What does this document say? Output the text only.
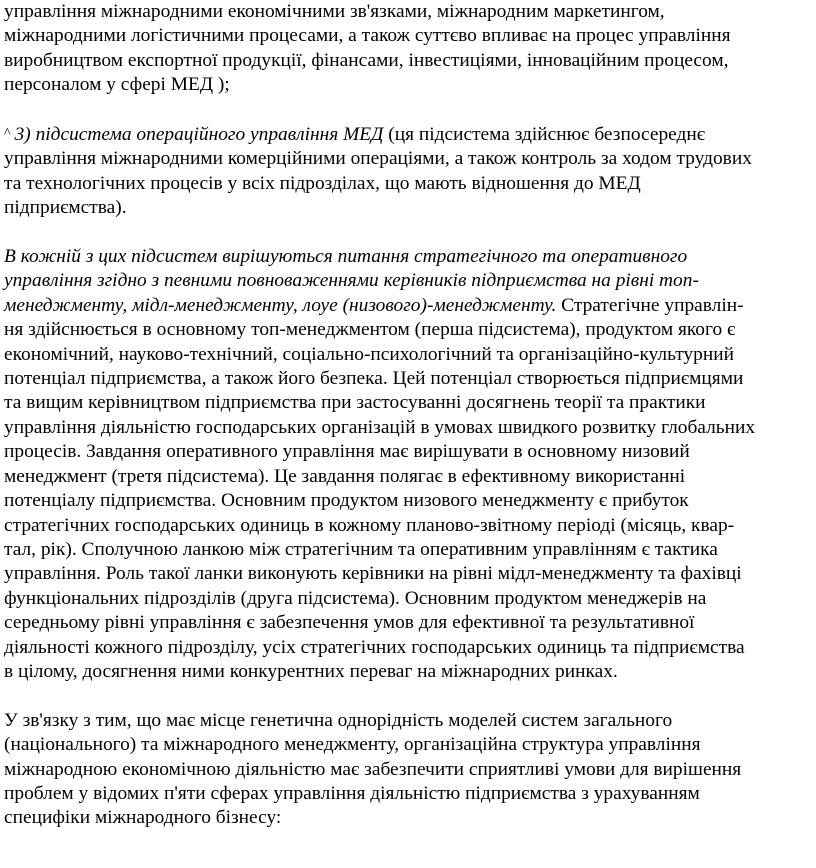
управління міжнародними економічними зв'язками, міжнародним маркетингом,
міжнародними логістичними процесами, а також суттєво впливає на процес управління
виробництвом експортної продукції, фінансами, інвестиціями, інноваційним процесом,
персоналом у сфері МЕД );
^ 3) підсистема операційного управління МЕД (ця підсистема здійснює безпосереднє
управління міжнародними комерційними операціями, а також контроль за ходом трудових
та технологічних процесів у всіх підрозділах, що мають відношення до МЕД
підприємства).
В кожній з цих підсистем вирішуються питання стратегічного та оперативного
управління згідно з певними повноваженнями керівників підприємства на рівні топ-
менеджменту, мідл-менеджменту, лоуе (низового)-менеджменту. Стратегічне управлін-
ня здійснюється в основному топ-менеджментом (перша підсистема), продуктом якого є
економічний, науково-технічний, соціально-психологічний та організаційно-культурний
потенціал підприємства, а також його безпека. Цей потенціал створюється підприємцями
та вищим керівництвом підприємства при застосуванні досягнень теорії та практики
управління діяльністю господарських організацій в умовах швидкого розвитку глобальних
процесів. Завдання оперативного управління має вирішувати в основному низовий
менеджмент (третя підсистема). Це завдання полягає в ефективному використанні
потенціалу підприємства. Основним продуктом низового менеджменту є прибуток
стратегічних господарських одиниць в кожному планово-звітному періоді (місяць, квар-
тал, рік). Сполучною ланкою між стратегічним та оперативним управлінням є тактика
управління. Роль такої ланки виконують керівники на рівні мідл-менеджменту та фахівці
функціональних підрозділів (друга підсистема). Основним продуктом менеджерів на
середньому рівні управління є забезпечення умов для ефективної та результативної
діяльності кожного підрозділу, усіх стратегічних господарських одиниць та підприємства
в цілому, досягнення ними конкурентних переваг на міжнародних ринках.
У зв'язку з тим, що має місце генетична однорідність моделей систем загального
(національного) та міжнародного менеджменту, організаційна структура управління
міжнародною економічною діяльністю має забезпечити сприятливі умови для вирішення
проблем у відомих п'яти сферах управління діяльністю підприємства з урахуванням
специфіки міжнародного бізнесу:
